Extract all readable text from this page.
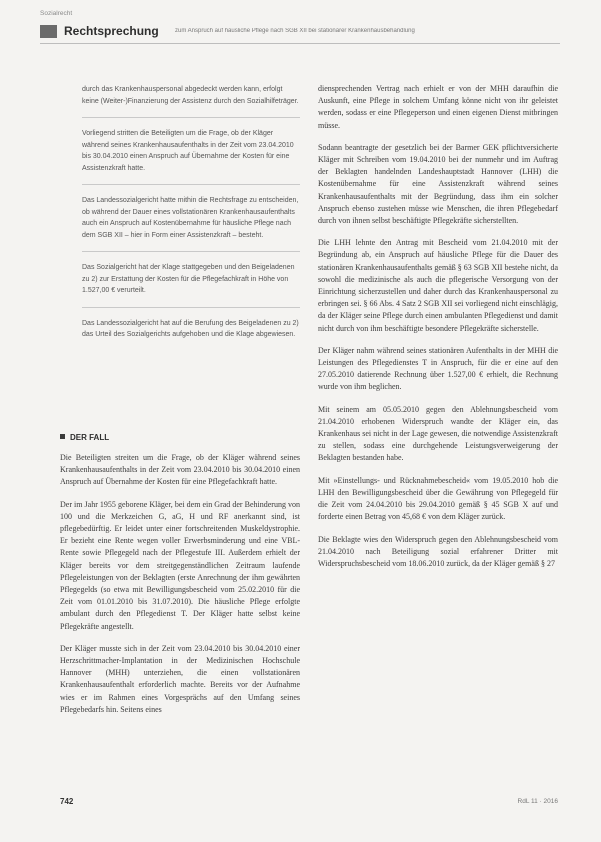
Sozialrecht
Rechtsprechung	zum Anspruch auf häusliche Pflege nach SGB XII bei stationärer Krankenhausbehandlung

durch das Krankenhauspersonal abgedeckt werden kann, erfolgt keine (Weiter-)Finanzierung der Assistenz durch den Sozialhilfeträger.

Vorliegend stritten die Beteiligten um die Frage, ob der Kläger während seines Krankenhausaufenthalts in der Zeit vom 23.04.2010 bis 30.04.2010 einen Anspruch auf Übernahme der Kosten für eine Assistenzkraft hatte.

Das Landessozialgericht hatte mithin die Rechtsfrage zu entscheiden, ob während der Dauer eines vollstationären Krankenhausaufenthalts auch ein Anspruch auf Kostenübernahme für häusliche Pflege nach dem SGB XII – hier in Form einer Assistenzkraft – besteht.

Das Sozialgericht hat der Klage stattgegeben und den Beigeladenen zu 2) zur Erstattung der Kosten für die Pflegefachkraft in Höhe von 1.527,00 € verurteilt.

Das Landessozialgericht hat auf die Berufung des Beigeladenen zu 2) das Urteil des Sozialgerichts aufgehoben und die Klage abgewiesen.

DER FALL

Die Beteiligten streiten um die Frage, ob der Kläger während seines Krankenhausaufenthalts in der Zeit vom 23.04.2010 bis 30.04.2010 einen Anspruch auf Übernahme der Kosten für eine Pflegefachkraft hatte.

Der im Jahr 1955 geborene Kläger, bei dem ein Grad der Behinderung von 100 und die Merkzeichen G, aG, H und RF anerkannt sind, ist pflegebedürftig. Er leidet unter einer fortschreitenden Muskeldystrophie. Er bezieht eine Rente wegen voller Erwerbsminderung und eine VBL-Rente sowie Pflegegeld nach der Pflegestufe III. Außerdem erhielt der Kläger bereits vor dem streitgegenständlichen Zeitraum laufende Pflegeleistungen von der Beklagten (erste Anrechnung der ihm gewährten Pflegegelds (so etwa mit Bewilligungsbescheid vom 25.02.2010 für die Zeit vom 01.01.2010 bis 31.07.2010). Die häusliche Pflege erfolgte ambulant durch den Pflegedienst T. Der Kläger hatte selbst keine Pflegekräfte angestellt.

Der Kläger musste sich in der Zeit vom 23.04.2010 bis 30.04.2010 einer Herzschrittmacher-Implantation in der Medizinischen Hochschule Hannover (MHH) unterziehen, die einen vollstationären Krankenhausaufenthalt erforderlich machte. Bereits vor der Aufnahme wies er im Rahmen eines Vorgesprächs auf den Umfang seines Pflegebedarfs hin. Seitens eines

diensprechenden Vertrag nach erhielt er von der MHH daraufhin die Auskunft, eine Pflege in solchem Umfang könne nicht von ihr geleistet werden, sodass er eine Pflegeperson und einen eigenen Dienst mitbringen müsse.

Sodann beantragte der gesetzlich bei der Barmer GEK pflichtversicherte Kläger mit Schreiben vom 19.04.2010 bei der nunmehr und im Auftrag der Beklagten handelnden Landeshauptstadt Hannover (LHH) die Kostenübernahme für eine Assistenzkraft während seines Krankenhausaufenthalts mit der Begründung, dass ihm ein solcher Anspruch ebenso zustehen müsse wie Menschen, die ihren Pflegebedarf durch von ihnen selbst beschäftigte Pflegekräfte sicherstellten.

Die LHH lehnte den Antrag mit Bescheid vom 21.04.2010 mit der Begründung ab, ein Anspruch auf häusliche Pflege für die Dauer des stationären Krankenhausaufenthalts gemäß § 63 SGB XII bestehe nicht, da sowohl die medizinische als auch die pflegerische Versorgung von der Einrichtung sicherzustellen und daher durch das Krankenhauspersonal zu erbringen sei. § 66 Abs. 4 Satz 2 SGB XII sei vorliegend nicht einschlägig, da der Kläger seine Pflege durch einen ambulanten Pflegedienst und damit nicht durch von ihm beschäftigte besondere Pflegekräfte sicherstelle.

Der Kläger nahm während seines stationären Aufenthalts in der MHH die Leistungen des Pflegedienstes T in Anspruch, für die er eine auf den 27.05.2010 datierende Rechnung über 1.527,00 € erhielt, die Rechnung wurde von ihm beglichen.

Mit seinem am 05.05.2010 gegen den Ablehnungsbescheid vom 21.04.2010 erhobenen Widerspruch wandte der Kläger ein, das Krankenhaus sei nicht in der Lage gewesen, die notwendige Assistenzkraft zu stellen, sodass eine durchgehende Leistungsverweigerung der Beklagten bestanden habe.

Mit »Einstellungs- und Rücknahmebescheid« vom 19.05.2010 hob die LHH den Bewilligungsbescheid über die Gewährung von Pflegegeld für die Zeit vom 24.04.2010 bis 29.04.2010 gemäß § 45 SGB X auf und forderte einen Betrag von 45,68 € von dem Kläger zurück.

Die Beklagte wies den Widerspruch gegen den Ablehnungsbescheid vom 21.04.2010 nach Beteiligung sozial erfahrener Dritter mit Widerspruchsbescheid vom 18.06.2010 zurück, da der Kläger gemäß § 27

742	RdL 11 · 2016
